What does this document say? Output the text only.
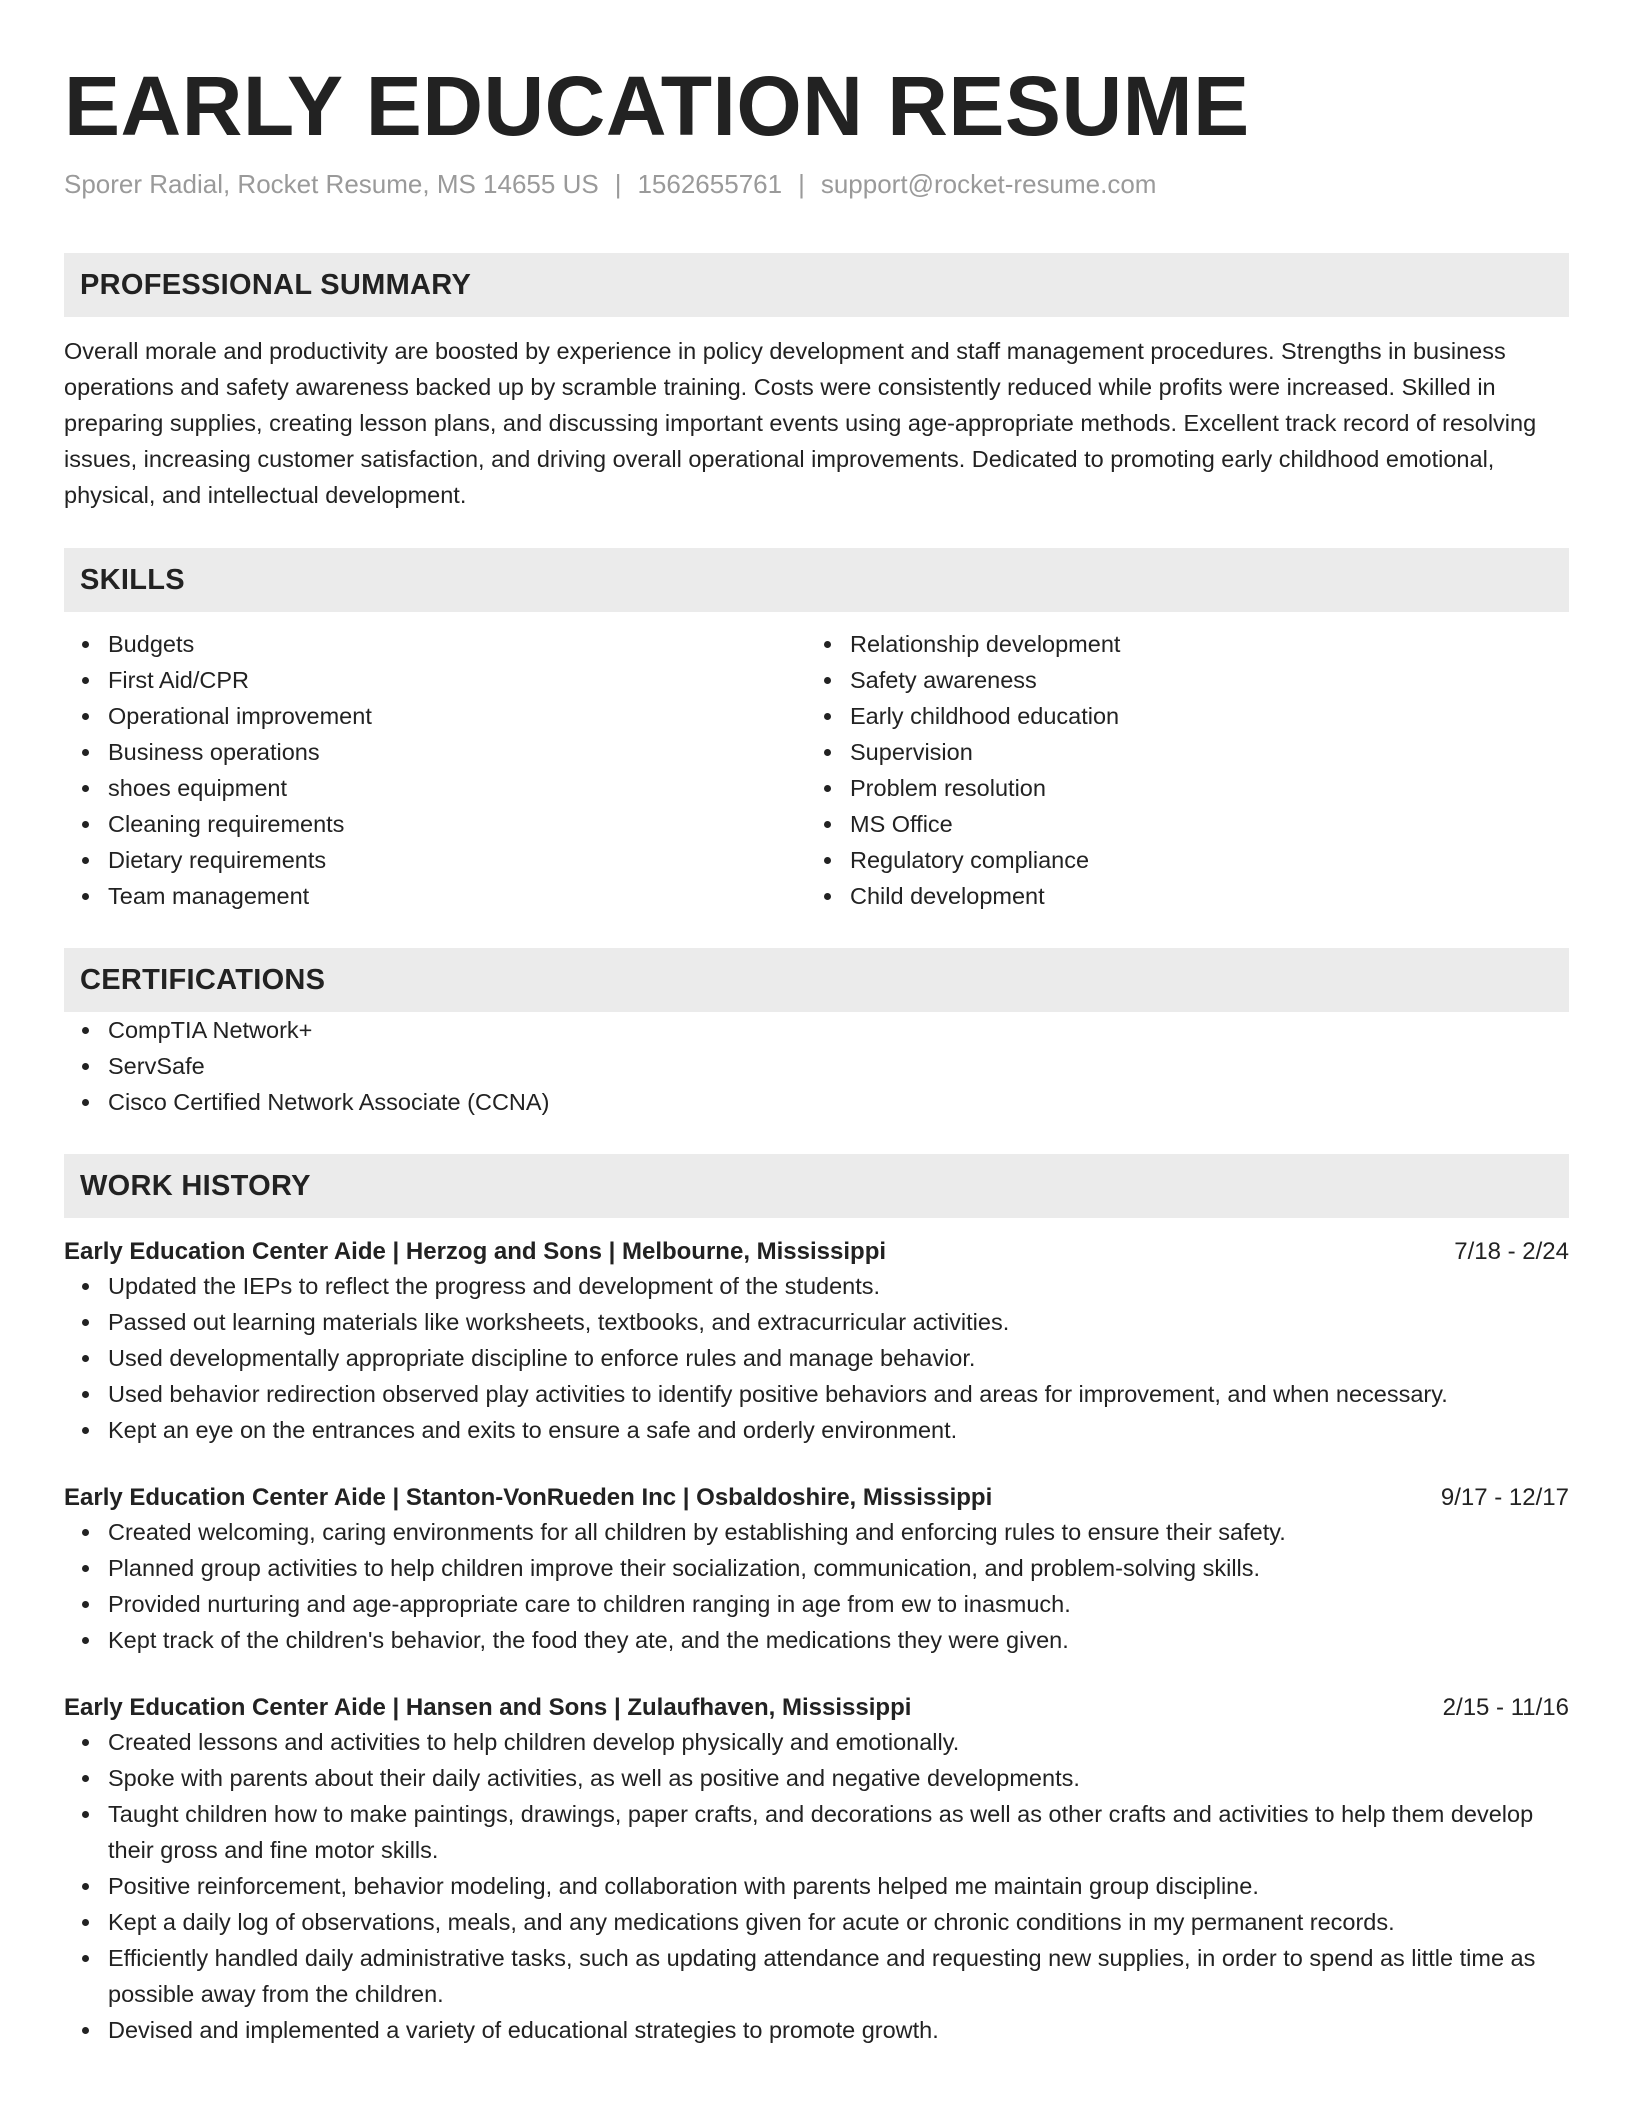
EARLY EDUCATION RESUME
Sporer Radial, Rocket Resume, MS 14655 US | 1562655761 | support@rocket-resume.com
PROFESSIONAL SUMMARY

Overall morale and productivity are boosted by experience in policy development and staff management procedures. Strengths in business operations and safety awareness backed up by scramble training. Costs were consistently reduced while profits were increased. Skilled in preparing supplies, creating lesson plans, and discussing important events using age-appropriate methods. Excellent track record of resolving issues, increasing customer satisfaction, and driving overall operational improvements. Dedicated to promoting early childhood emotional, physical, and intellectual development.

SKILLS
Budgets
First Aid/CPR
Operational improvement
Business operations
shoes equipment
Cleaning requirements
Dietary requirements
Team management
Relationship development
Safety awareness
Early childhood education
Supervision
Problem resolution
MS Office
Regulatory compliance
Child development
CERTIFICATIONS
CompTIA Network+
ServSafe
Cisco Certified Network Associate (CCNA)
WORK HISTORY
Early Education Center Aide | Herzog and Sons | Melbourne, Mississippi	7/18 - 2/24
Updated the IEPs to reflect the progress and development of the students.
Passed out learning materials like worksheets, textbooks, and extracurricular activities.
Used developmentally appropriate discipline to enforce rules and manage behavior.
Used behavior redirection observed play activities to identify positive behaviors and areas for improvement, and when necessary.
Kept an eye on the entrances and exits to ensure a safe and orderly environment.
Early Education Center Aide | Stanton-VonRueden Inc | Osbaldoshire, Mississippi	9/17 - 12/17
Created welcoming, caring environments for all children by establishing and enforcing rules to ensure their safety.
Planned group activities to help children improve their socialization, communication, and problem-solving skills.
Provided nurturing and age-appropriate care to children ranging in age from ew to inasmuch.
Kept track of the children's behavior, the food they ate, and the medications they were given.
Early Education Center Aide | Hansen and Sons | Zulaufhaven, Mississippi	2/15 - 11/16
Created lessons and activities to help children develop physically and emotionally.
Spoke with parents about their daily activities, as well as positive and negative developments.
Taught children how to make paintings, drawings, paper crafts, and decorations as well as other crafts and activities to help them develop their gross and fine motor skills.
Positive reinforcement, behavior modeling, and collaboration with parents helped me maintain group discipline.
Kept a daily log of observations, meals, and any medications given for acute or chronic conditions in my permanent records.
Efficiently handled daily administrative tasks, such as updating attendance and requesting new supplies, in order to spend as little time as possible away from the children.
Devised and implemented a variety of educational strategies to promote growth.
